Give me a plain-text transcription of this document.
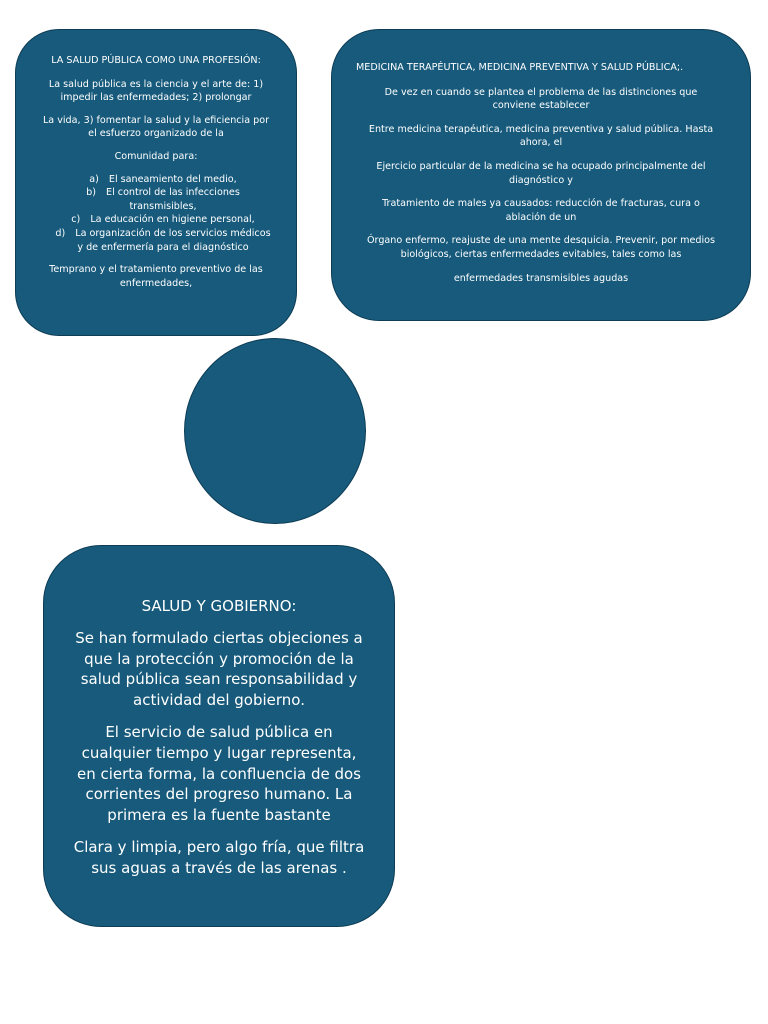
LA SALUD PÚBLICA COMO UNA PROFESIÓN:

La salud pública es la ciencia y el arte de: 1) impedir las enfermedades; 2) prolongar

La vida, 3) fomentar la salud y la eficiencia por el esfuerzo organizado de la

Comunidad para:

a) El saneamiento del medio,
b) El control de las infecciones transmisibles,
c) La educación en higiene personal,
d) La organización de los servicios médicos y de enfermería para el diagnóstico

Temprano y el tratamiento preventivo de las enfermedades,

MEDICINA TERAPÉUTICA, MEDICINA PREVENTIVA Y SALUD PÚBLICA;.

De vez en cuando se plantea el problema de las distinciones que conviene establecer

Entre medicina terapéutica, medicina preventiva y salud pública. Hasta ahora, el

Ejercicio particular de la medicina se ha ocupado principalmente del diagnóstico y

Tratamiento de males ya causados: reducción de fracturas, cura o ablación de un

Órgano enfermo, reajuste de una mente desquicia. Prevenir, por medios biológicos, ciertas enfermedades evitables, tales como las

enfermedades transmisibles agudas

SALUD Y GOBIERNO:

Se han formulado ciertas objeciones a que la protección y promoción de la salud pública sean responsabilidad y actividad del gobierno.

El servicio de salud pública en cualquier tiempo y lugar representa, en cierta forma, la confluencia de dos corrientes del progreso humano. La primera es la fuente bastante

Clara y limpia, pero algo fría, que filtra sus aguas a través de las arenas .
